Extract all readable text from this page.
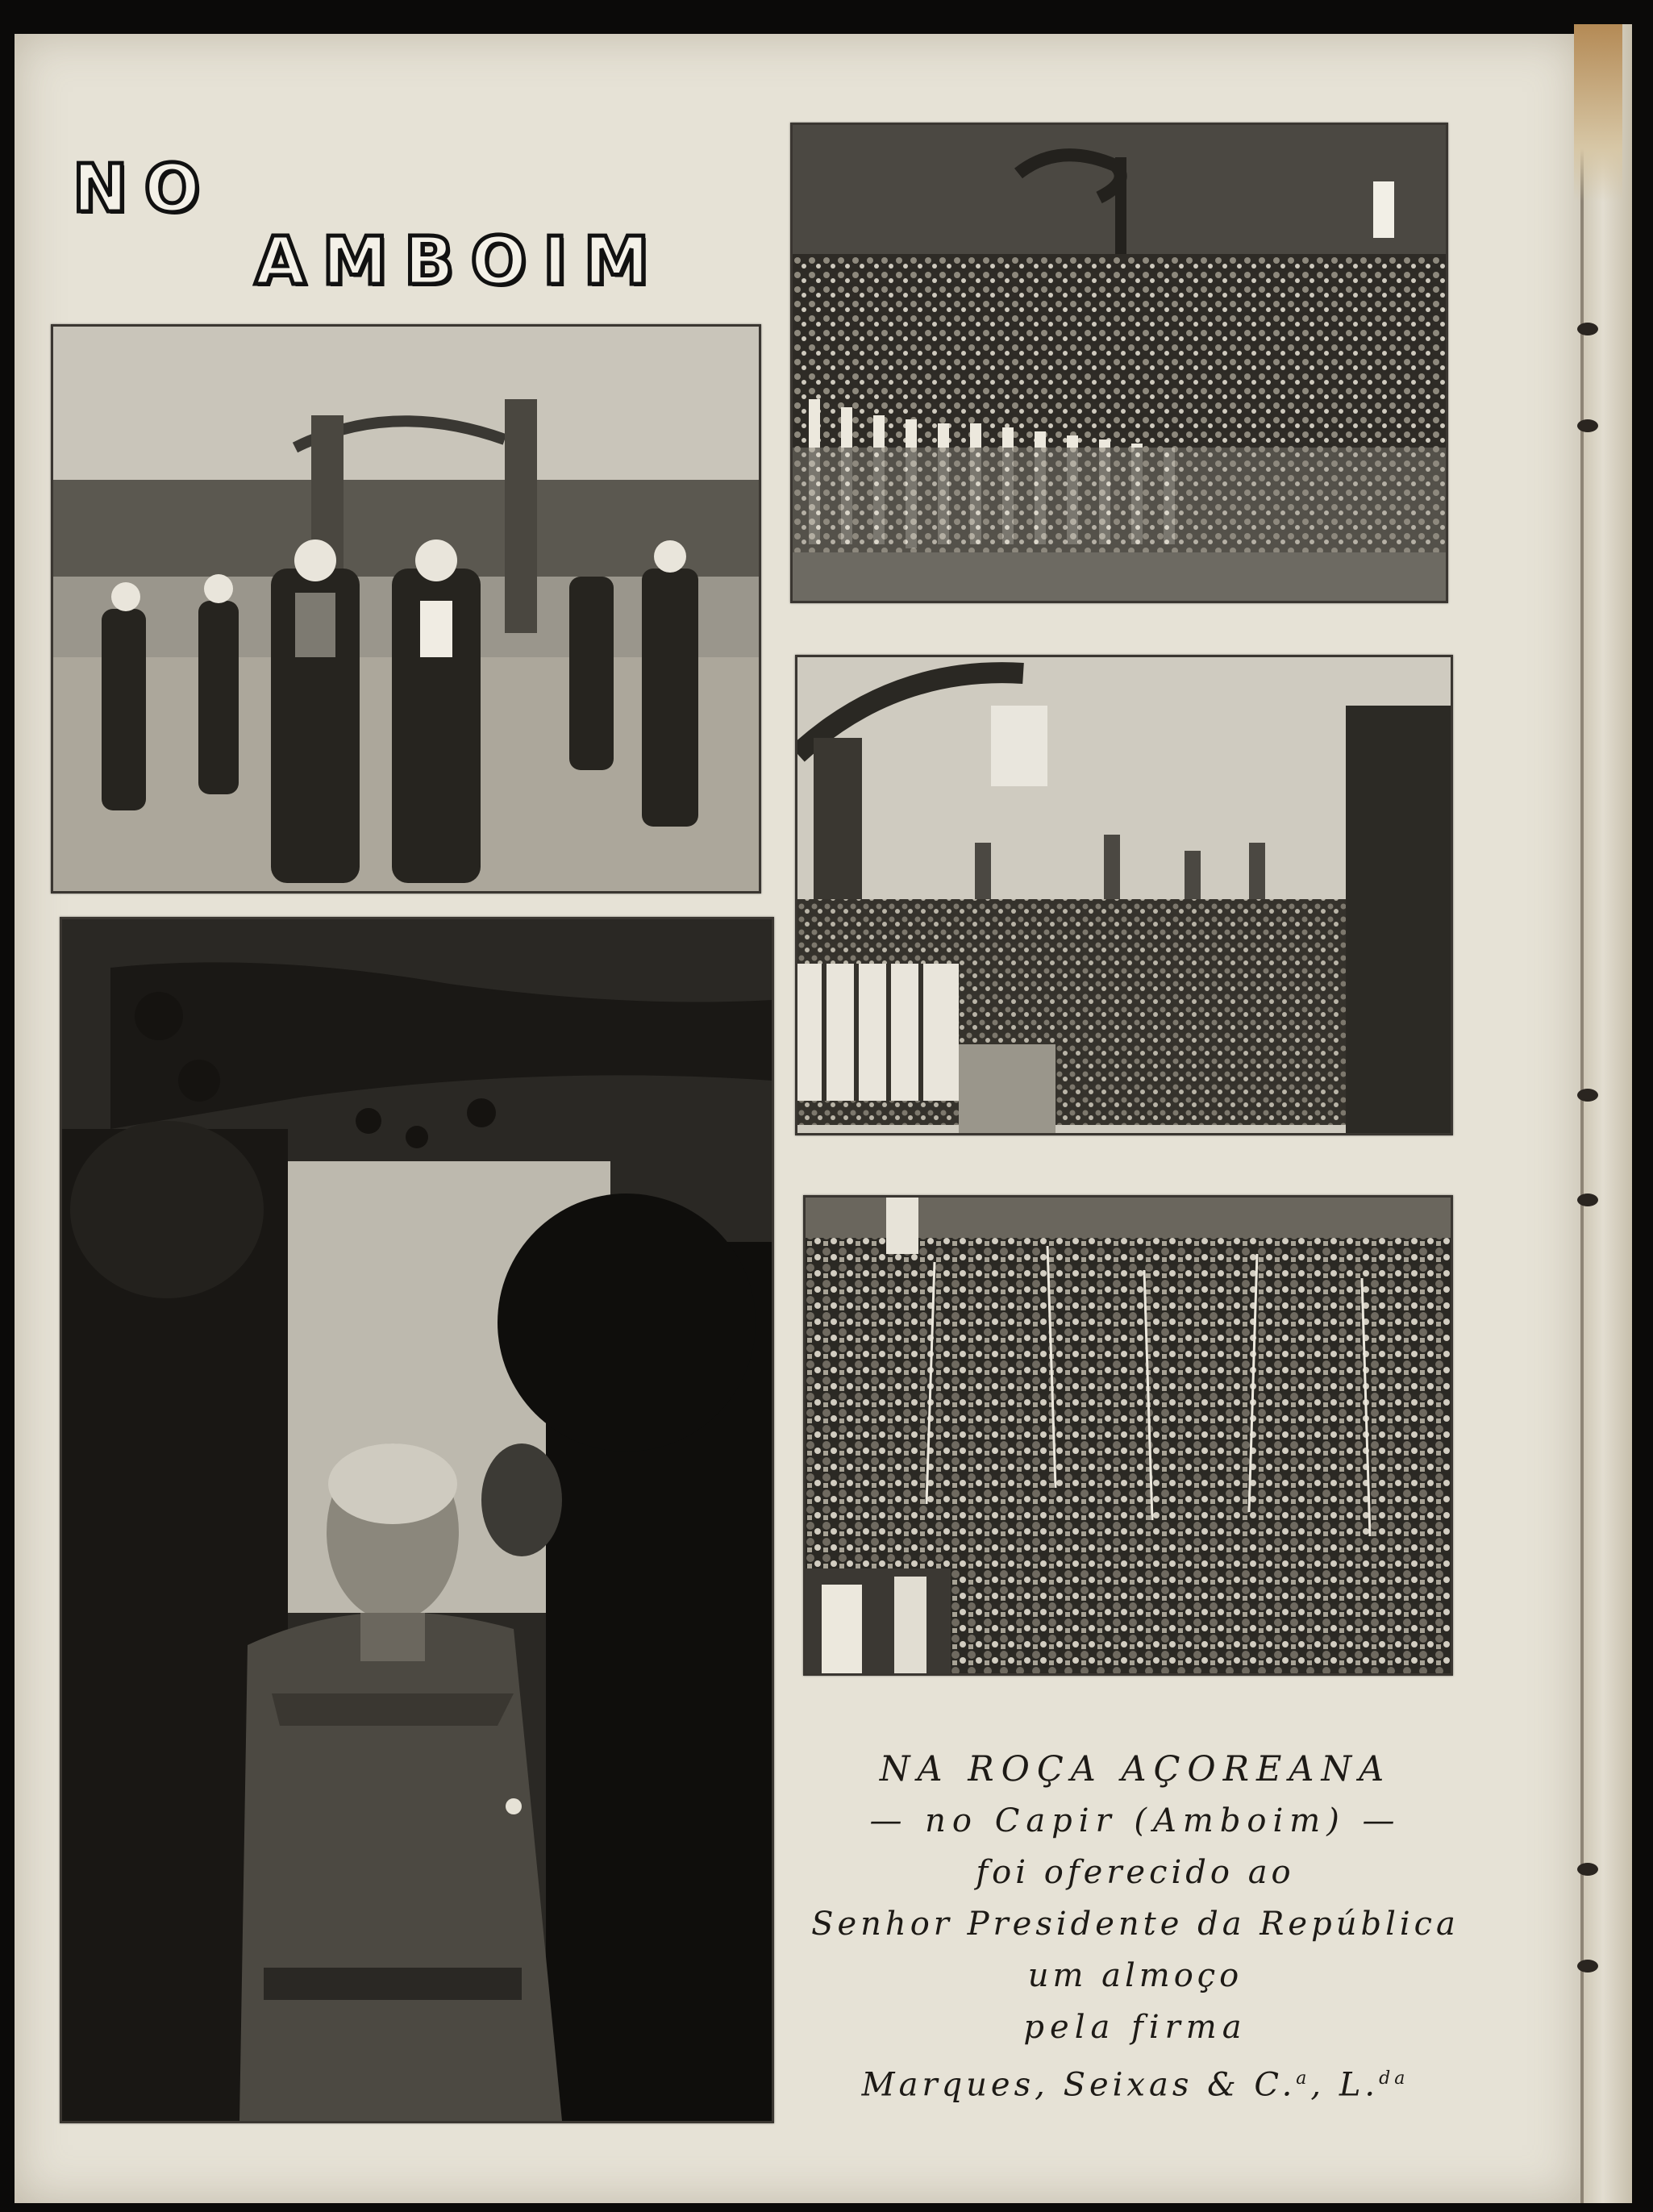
NO
AMBOIM

NA ROÇA AÇOREANA

— no Capir (Amboim) —

foi oferecido ao

Senhor Presidente da República

um almoço

pela firma

Marques, Seixas & C.$^a$, L.$^{da}$
